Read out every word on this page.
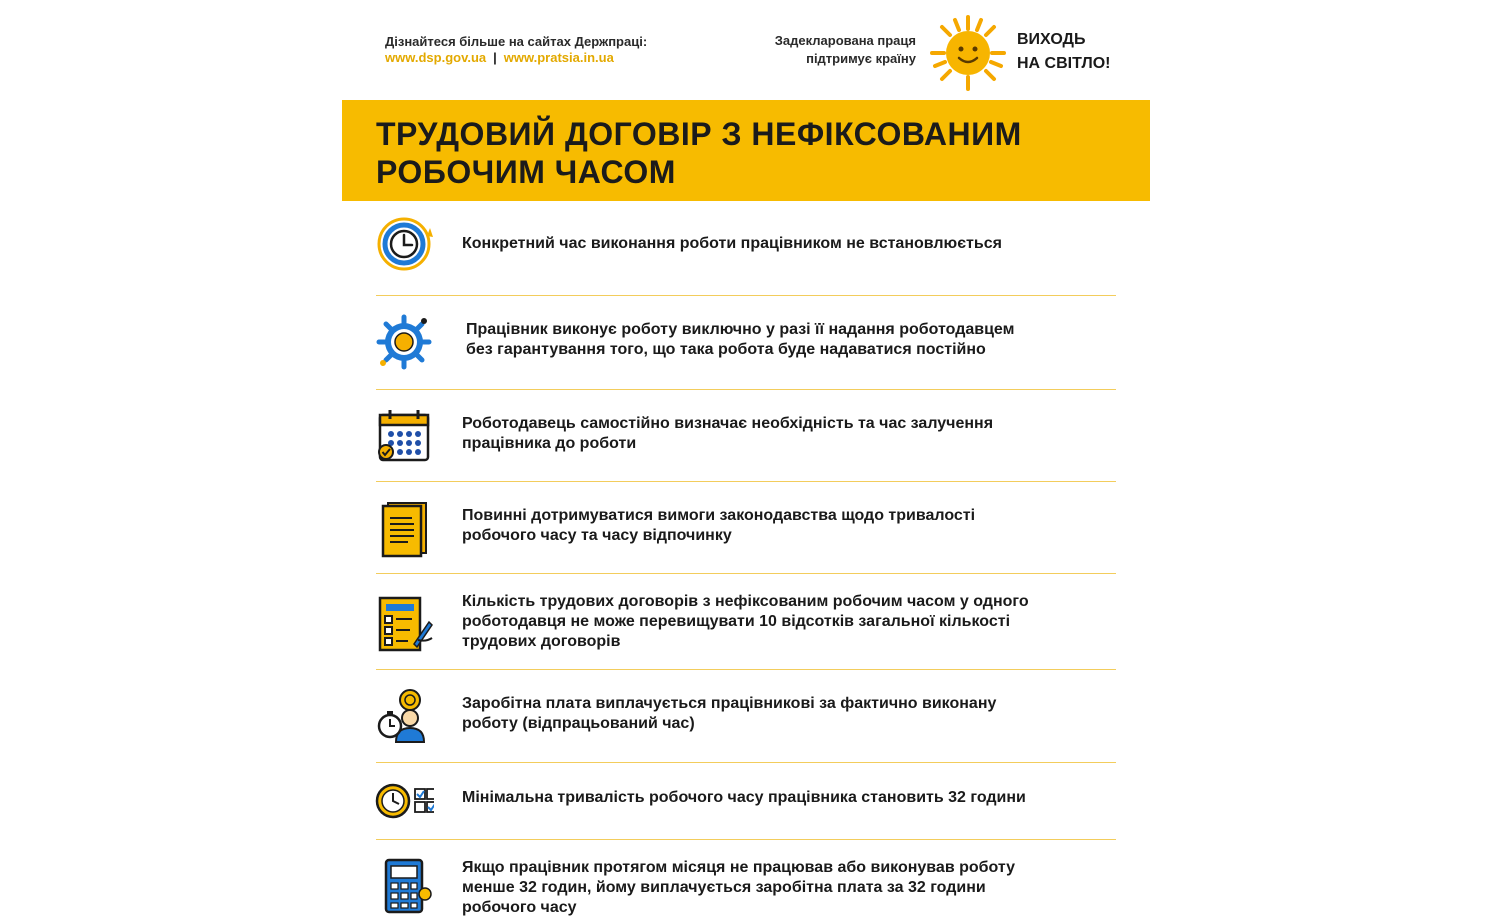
Дізнайтеся більше на сайтах Держпраці:
www.dsp.gov.ua | www.pratsia.in.ua
Задекларована праця
підтримує країну
ВИХОДЬ
НА СВІТЛО!
ТРУДОВИЙ ДОГОВІР З НЕФІКСОВАНИМ
РОБОЧИМ ЧАСОМ
Конкретний час виконання роботи працівником не встановлюється
Працівник виконує роботу виключно у разі її надання роботодавцем
без гарантування того, що така робота буде надаватися постійно
Роботодавець самостійно визначає необхідність та час залучення
працівника до роботи
Повинні дотримуватися вимоги законодавства щодо тривалості
робочого часу та часу відпочинку
Кількість трудових договорів з нефіксованим робочим часом у одного
роботодавця не може перевищувати 10 відсотків загальної кількості
трудових договорів
Заробітна плата виплачується працівникові за фактично виконану
роботу (відпрацьований час)
Мінімальна тривалість робочого часу працівника становить 32 години
Якщо працівник протягом місяця не працював або виконував роботу
менше 32 годин, йому виплачується заробітна плата за 32 години
робочого часу
